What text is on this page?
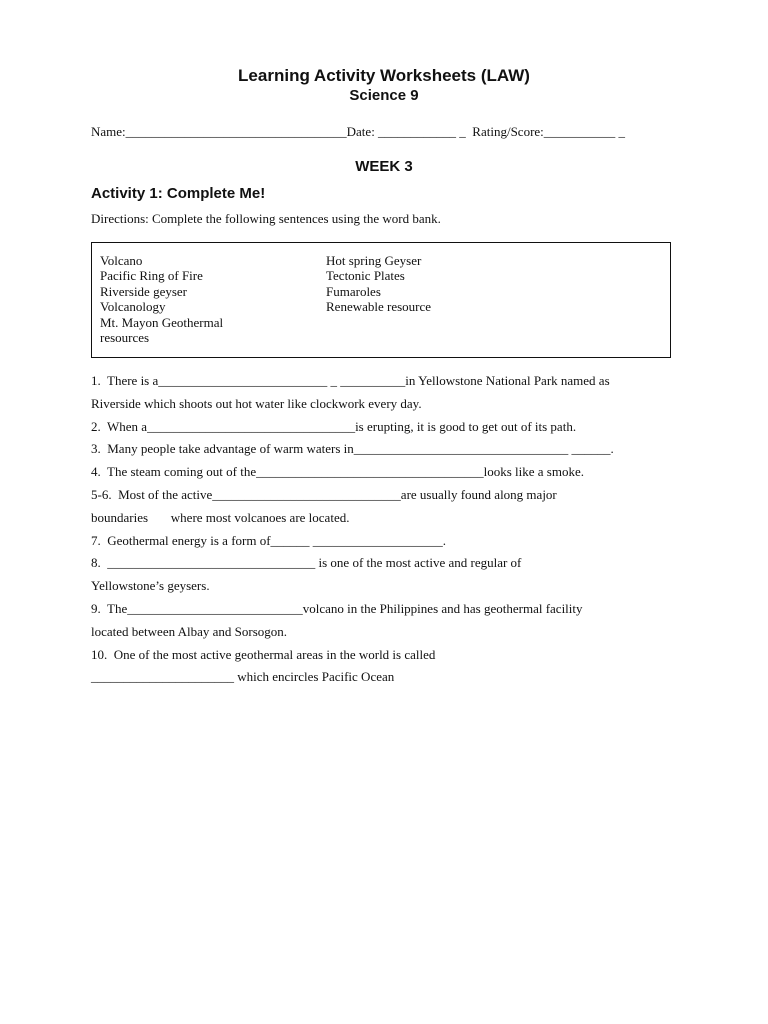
Learning Activity Worksheets (LAW)
Science 9
Name:__________________________________Date: ____________ _  Rating/Score:___________ _
WEEK 3
Activity 1: Complete Me!
Directions: Complete the following sentences using the word bank.
Volcano
Pacific Ring of Fire
Riverside geyser
Volcanology
Mt. Mayon Geothermal
resources
Hot spring Geyser
Tectonic Plates
Fumaroles
Renewable resource
1.  There is a__________________________ _ __________in Yellowstone National Park named as
Riverside which shoots out hot water like clockwork every day.
2.  When a________________________________is erupting, it is good to get out of its path.
3.  Many people take advantage of warm waters in_________________________________ ______.
4.  The steam coming out of the___________________________________looks like a smoke.
5-6.  Most of the active_____________________________are usually found along major
boundaries       where most volcanoes are located.
7.  Geothermal energy is a form of______ ____________________.
8.  ________________________________ is one of the most active and regular of
Yellowstone’s geysers.
9.  The___________________________volcano in the Philippines and has geothermal facility
located between Albay and Sorsogon.
10.  One of the most active geothermal areas in the world is called
______________________ which encircles Pacific Ocean
